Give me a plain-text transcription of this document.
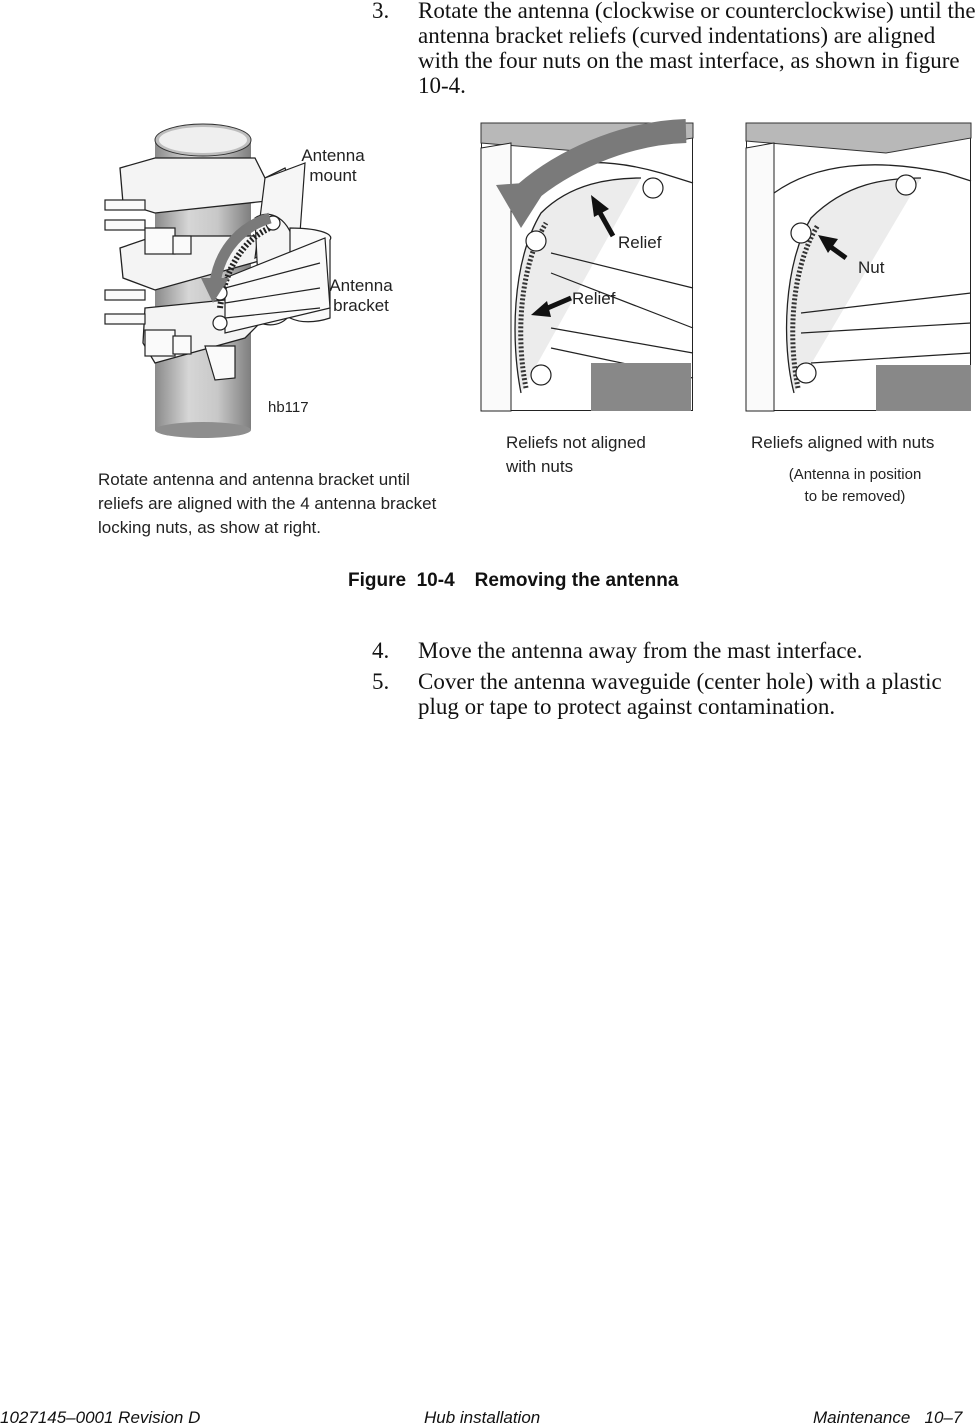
3. Rotate the antenna (clockwise or counterclockwise) until the antenna bracket reliefs (curved indentations) are aligned with the four nuts on the mast interface, as shown in figure 10-4.
Antenna
mount
Antenna
bracket
hb117
Relief
Relief
Nut
Rotate antenna and antenna bracket until reliefs are aligned with the 4 antenna bracket locking nuts, as show at right.
Reliefs not aligned
with nuts
Reliefs aligned with nuts
(Antenna in position
to be removed)
Figure  10-4 Removing the antenna
4. Move the antenna away from the mast interface.
5. Cover the antenna waveguide (center hole) with a plastic plug or tape to protect against contamination.
1027145–0001 Revision D	Hub installation	Maintenance   10–7
